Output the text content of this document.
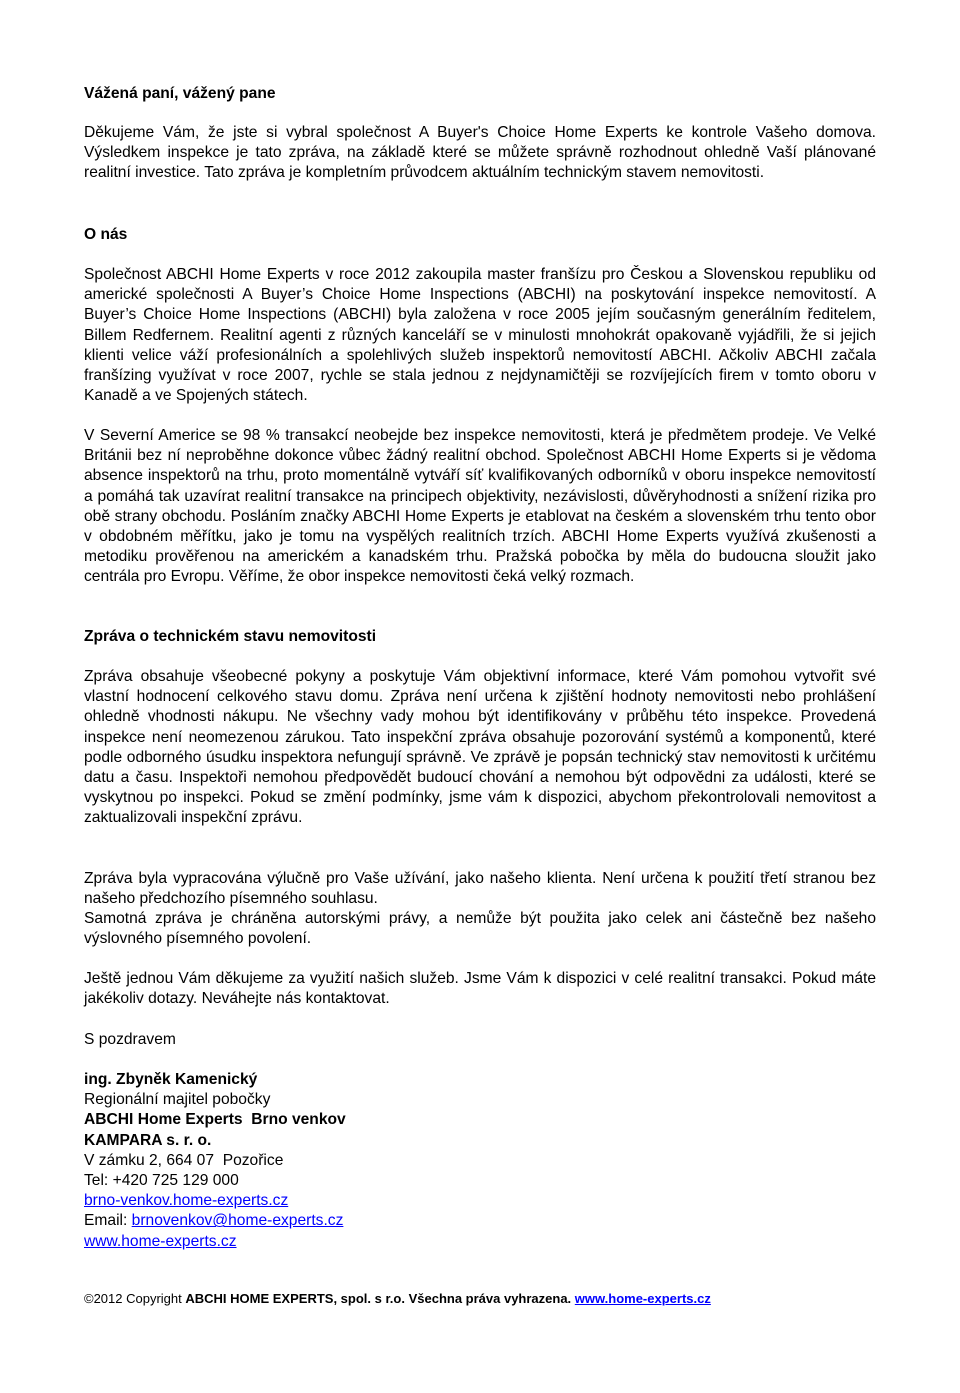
Vážená paní, vážený pane

Děkujeme Vám, že jste si vybral společnost A Buyer's Choice Home Experts ke kontrole Vašeho domova. Výsledkem inspekce je tato zpráva, na základě které se můžete správně rozhodnout ohledně Vaší plánované realitní investice. Tato zpráva je kompletním průvodcem aktuálním technickým stavem nemovitosti.

O nás

Společnost ABCHI Home Experts v roce 2012 zakoupila master franšízu pro Českou a Slovenskou republiku od americké společnosti A Buyer’s Choice Home Inspections (ABCHI) na poskytování inspekce nemovitostí. A Buyer’s Choice Home Inspections (ABCHI) byla založena v roce 2005 jejím současným generálním ředitelem, Billem Redfernem. Realitní agenti z různých kanceláří se v minulosti mnohokrát opakovaně vyjádřili, že si jejich klienti velice váží profesionálních a spolehlivých služeb inspektorů nemovitostí ABCHI. Ačkoliv ABCHI začala franšízing využívat v roce 2007, rychle se stala jednou z nejdynamičtěji se rozvíjejících firem v tomto oboru v Kanadě a ve Spojených státech.

V Severní Americe se 98 % transakcí neobejde bez inspekce nemovitosti, která je předmětem prodeje. Ve Velké Británii bez ní neproběhne dokonce vůbec žádný realitní obchod. Společnost ABCHI Home Experts si je vědoma absence inspektorů na trhu, proto momentálně vytváří síť kvalifikovaných odborníků v oboru inspekce nemovitostí a pomáhá tak uzavírat realitní transakce na principech objektivity, nezávislosti, důvěryhodnosti a snížení rizika pro obě strany obchodu. Posláním značky ABCHI Home Experts je etablovat na českém a slovenském trhu tento obor v obdobném měřítku, jako je tomu na vyspělých realitních trzích. ABCHI Home Experts využívá zkušenosti a metodiku prověřenou na americkém a kanadském trhu. Pražská pobočka by měla do budoucna sloužit jako centrála pro Evropu. Věříme, že obor inspekce nemovitosti čeká velký rozmach.

Zpráva o technickém stavu nemovitosti

Zpráva obsahuje všeobecné pokyny a poskytuje Vám objektivní informace, které Vám pomohou vytvořit své vlastní hodnocení celkového stavu domu. Zpráva není určena k zjištění hodnoty nemovitosti nebo prohlášení ohledně vhodnosti nákupu. Ne všechny vady mohou být identifikovány v průběhu této inspekce. Provedená inspekce není neomezenou zárukou. Tato inspekční zpráva obsahuje pozorování systémů a komponentů, které podle odborného úsudku inspektora nefungují správně. Ve zprávě je popsán technický stav nemovitosti k určitému datu a času. Inspektoři nemohou předpovědět budoucí chování a nemohou být odpovědni za události, které se vyskytnou po inspekci. Pokud se změní podmínky, jsme vám k dispozici, abychom překontrolovali nemovitost a zaktualizovali inspekční zprávu.

Zpráva byla vypracována výlučně pro Vaše užívání, jako našeho klienta. Není určena k použití třetí stranou bez našeho předchozího písemného souhlasu.

Samotná zpráva je chráněna autorskými právy, a nemůže být použita jako celek ani částečně bez našeho výslovného písemného povolení.

Ještě jednou Vám děkujeme za využití našich služeb. Jsme Vám k dispozici v celé realitní transakci. Pokud máte jakékoliv dotazy. Neváhejte nás kontaktovat.

S pozdravem

ing. Zbyněk Kamenický
Regionální majitel pobočky
ABCHI Home Experts  Brno venkov
KAMPARA s. r. o.
V zámku 2, 664 07  Pozořice
Tel: +420 725 129 000
brno-venkov.home-experts.cz
Email: brnovenkov@home-experts.cz
www.home-experts.cz
©2012 Copyright ABCHI HOME EXPERTS, spol. s r.o. Všechna práva vyhrazena. www.home-experts.cz
